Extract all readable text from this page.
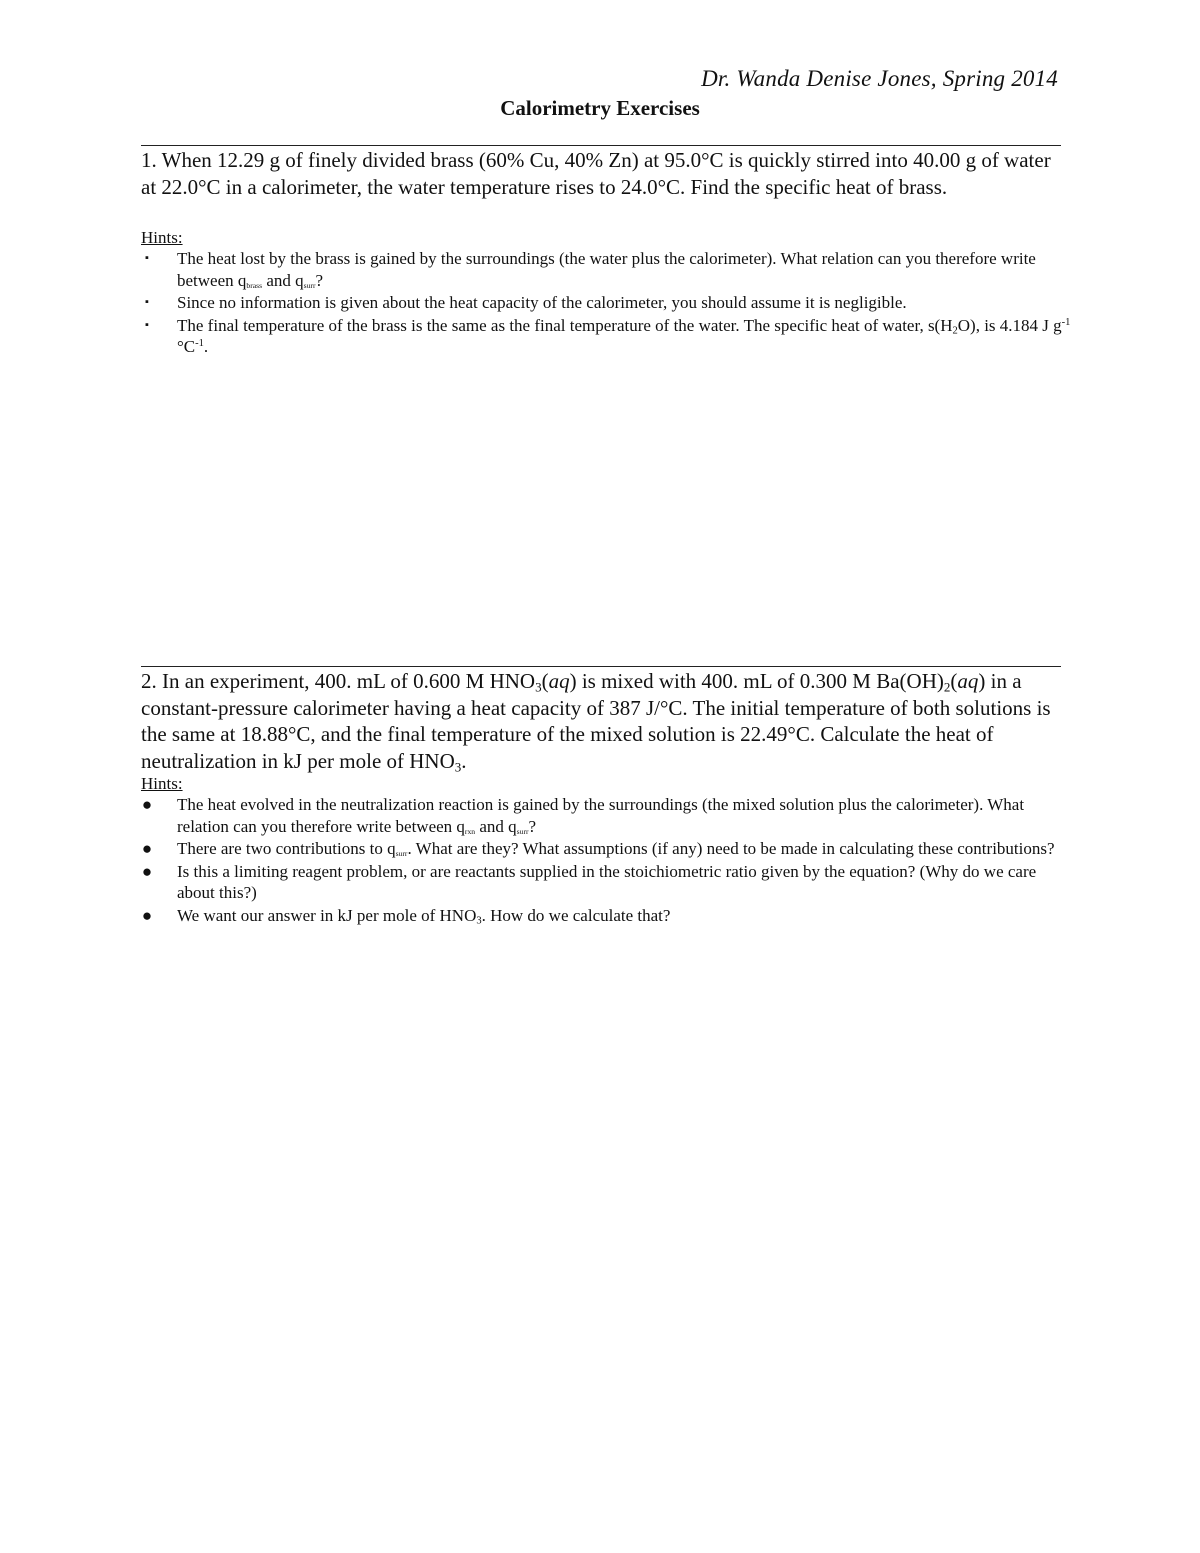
Dr. Wanda Denise Jones, Spring 2014
Calorimetry Exercises
1. When 12.29 g of finely divided brass (60% Cu, 40% Zn) at 95.0°C is quickly stirred into 40.00 g of water at 22.0°C in a calorimeter, the water temperature rises to 24.0°C. Find the specific heat of brass.
Hints:
▪ The heat lost by the brass is gained by the surroundings (the water plus the calorimeter). What relation can you therefore write between $q_{brass}$ and $q_{surr}$?
▪ Since no information is given about the heat capacity of the calorimeter, you should assume it is negligible.
▪ The final temperature of the brass is the same as the final temperature of the water. The specific heat of water, $s(H_2O)$, is 4.184 J $g^{-1}$ $^\circ C^{-1}$.
2. In an experiment, 400. mL of 0.600 M $HNO_3(aq)$ is mixed with 400. mL of 0.300 M $Ba(OH)_2(aq)$ in a constant-pressure calorimeter having a heat capacity of 387 J/°C. The initial temperature of both solutions is the same at 18.88°C, and the final temperature of the mixed solution is 22.49°C. Calculate the heat of neutralization in kJ per mole of $HNO_3$.
Hints:
● The heat evolved in the neutralization reaction is gained by the surroundings (the mixed solution plus the calorimeter). What relation can you therefore write between $q_{rxn}$ and $q_{surr}$?
● There are two contributions to $q_{surr}$. What are they? What assumptions (if any) need to be made in calculating these contributions?
● Is this a limiting reagent problem, or are reactants supplied in the stoichiometric ratio given by the equation? (Why do we care about this?)
● We want our answer in kJ per mole of $HNO_3$. How do we calculate that?
